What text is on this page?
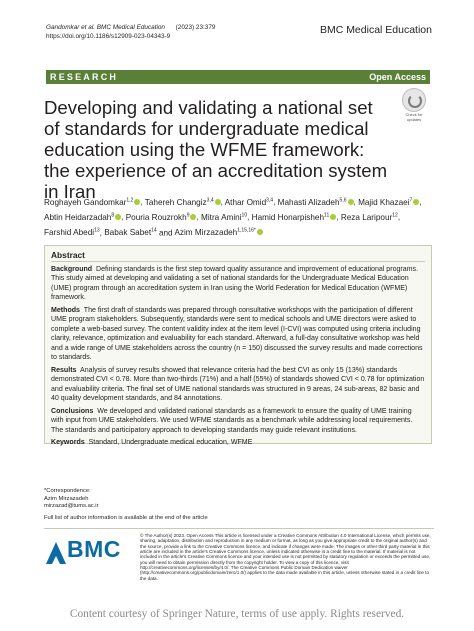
Gandomkar et al. BMC Medical Education (2023) 23:379
https://doi.org/10.1186/s12909-023-04343-9
BMC Medical Education
RESEARCH	Open Access
Check for updates
Developing and validating a national set of standards for undergraduate medical education using the WFME framework: the experience of an accreditation system in Iran
Roghayeh Gandomkar$^{1,2}$ , Tahereh Changiz$^{3,4}$ , Athar Omid$^{3,4}$, Mahasti Alizadeh$^{5,6}$ , Majid Khazaei$^7$ , Abtin Heidarzadah$^8$ , Pouria Rouzrokh$^9$ , Mitra Amini$^{10}$, Hamid Honarpisheh$^{11}$ , Reza Laripour$^{12}$, Farshid Abedi$^{13}$, Babak Sabet$^{14}$ and Azim Mirzazadeh$^{1,15,16*}$
Abstract

Background Defining standards is the first step toward quality assurance and improvement of educational programs. This study aimed at developing and validating a set of national standards for the Undergraduate Medical Education (UME) program through an accreditation system in Iran using the World Federation for Medical Education (WFME) framework.

Methods The first draft of standards was prepared through consultative workshops with the participation of different UME program stakeholders. Subsequently, standards were sent to medical schools and UME directors were asked to complete a web-based survey. The content validity index at the item level (I-CVI) was computed using criteria including clarity, relevance, optimization and evaluability for each standard. Afterward, a full-day consultative workshop was held and a wide range of UME stakeholders across the country (n = 150) discussed the survey results and made corrections to standards.

Results Analysis of survey results showed that relevance criteria had the best CVI as only 15 (13%) standards demonstrated CVI < 0.78. More than two-thirds (71%) and a half (55%) of standards showed CVI < 0.78 for optimization and evaluability criteria. The final set of UME national standards was structured in 9 areas, 24 sub-areas, 82 basic and 40 quality development standards, and 84 annotations.

Conclusions We developed and validated national standards as a framework to ensure the quality of UME training with input from UME stakeholders. We used WFME standards as a benchmark while addressing local requirements. The standards and participatory approach to developing standards may guide relevant institutions.

Keywords Standard, Undergraduate medical education, WFME

*Correspondence:
Azim Mirzazadeh
mirzazad@tums.ac.ir
Full list of author information is available at the end of the article
BMC
© The Author(s) 2023. Open Access This article is licensed under a Creative Commons Attribution 4.0 International License, which permits use, sharing, adaptation, distribution and reproduction in any medium or format, as long as you give appropriate credit to the original author(s) and the source, provide a link to the Creative Commons licence, and indicate if changes were made. The images or other third party material in this article are included in the article's Creative Commons licence, unless indicated otherwise in a credit line to the material. If material is not included in the article's Creative Commons licence and your intended use is not permitted by statutory regulation or exceeds the permitted use, you will need to obtain permission directly from the copyright holder. To view a copy of this licence, visit http://creativecommons.org/licenses/by/4.0/. The Creative Commons Public Domain Dedication waiver (http://creativecommons.org/publicdomain/zero/1.0/) applies to the data made available in this article, unless otherwise stated in a credit line to the data.
Content courtesy of Springer Nature, terms of use apply. Rights reserved.
